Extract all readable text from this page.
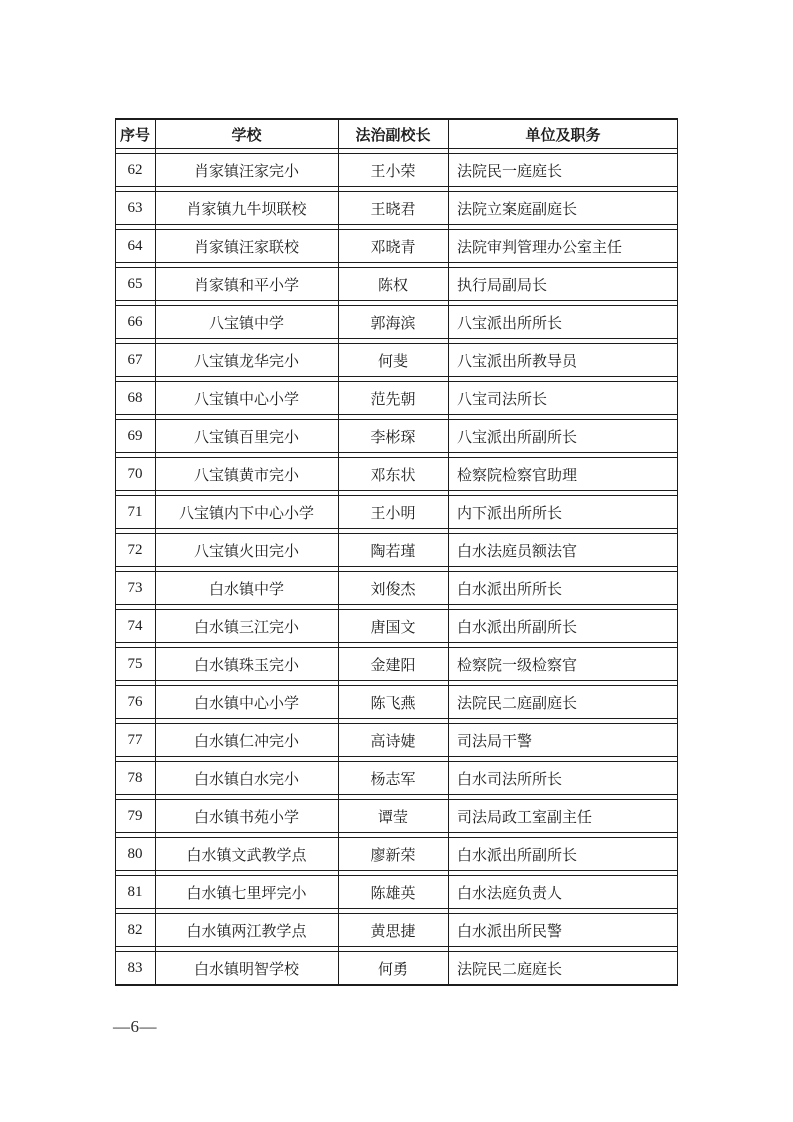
序号	学校	法治副校长	单位及职务
62	肖家镇汪家完小	王小荣	法院民一庭庭长
63	肖家镇九牛坝联校	王晓君	法院立案庭副庭长
64	肖家镇汪家联校	邓晓青	法院审判管理办公室主任
65	肖家镇和平小学	陈权	执行局副局长
66	八宝镇中学	郭海滨	八宝派出所所长
67	八宝镇龙华完小	何斐	八宝派出所教导员
68	八宝镇中心小学	范先朝	八宝司法所长
69	八宝镇百里完小	李彬琛	八宝派出所副所长
70	八宝镇黄市完小	邓东状	检察院检察官助理
71	八宝镇内下中心小学	王小明	内下派出所所长
72	八宝镇火田完小	陶若瑾	白水法庭员额法官
73	白水镇中学	刘俊杰	白水派出所所长
74	白水镇三江完小	唐国文	白水派出所副所长
75	白水镇珠玉完小	金建阳	检察院一级检察官
76	白水镇中心小学	陈飞燕	法院民二庭副庭长
77	白水镇仁冲完小	高诗婕	司法局干警
78	白水镇白水完小	杨志军	白水司法所所长
79	白水镇书苑小学	谭莹	司法局政工室副主任
80	白水镇文武教学点	廖新荣	白水派出所副所长
81	白水镇七里坪完小	陈雄英	白水法庭负责人
82	白水镇两江教学点	黄思捷	白水派出所民警
83	白水镇明智学校	何勇	法院民二庭庭长
—6—
